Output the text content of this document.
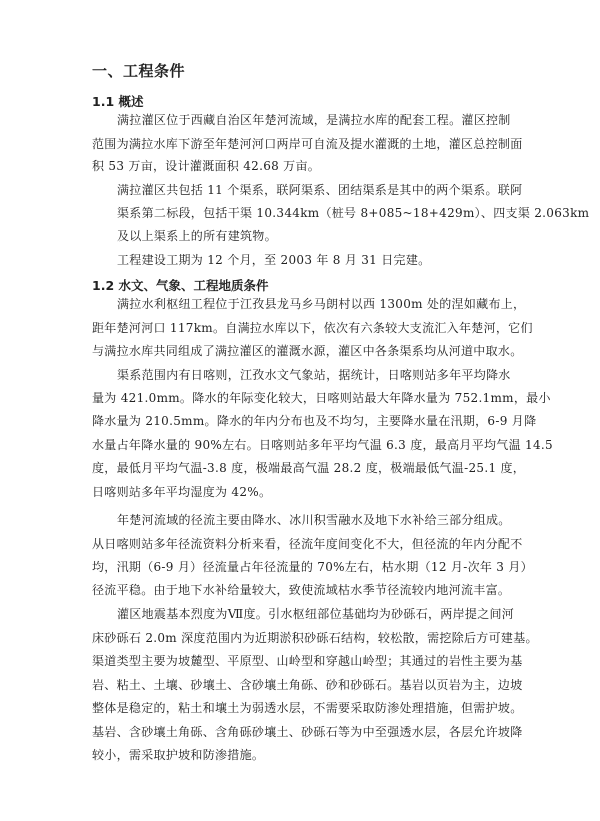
一、工程条件
1.1 概述
满拉灌区位于西藏自治区年楚河流域，是满拉水库的配套工程。灌区控制
范围为满拉水库下游至年楚河河口两岸可自流及提水灌溉的土地，灌区总控制面
积 53 万亩，设计灌溉面积 42.68 万亩。
满拉灌区共包括 11 个渠系，联阿渠系、团结渠系是其中的两个渠系。联阿
渠系第二标段，包括干渠 10.344km（桩号 8+085~18+429m）、四支渠 2.063km
及以上渠系上的所有建筑物。
工程建设工期为 12 个月，至 2003 年 8 月 31 日完建。
1.2 水文、气象、工程地质条件
满拉水利枢纽工程位于江孜县龙马乡马朗村以西 1300m 处的涅如藏布上，
距年楚河河口 117km。自满拉水库以下，依次有六条较大支流汇入年楚河，它们
与满拉水库共同组成了满拉灌区的灌溉水源，灌区中各条渠系均从河道中取水。
渠系范围内有日喀则，江孜水文气象站，据统计，日喀则站多年平均降水
量为 421.0mm。降水的年际变化较大，日喀则站最大年降水量为 752.1mm，最小
降水量为 210.5mm。降水的年内分布也及不均匀，主要降水量在汛期，6-9 月降
水量占年降水量的 90%左右。日喀则站多年平均气温 6.3 度，最高月平均气温 14.5
度，最低月平均气温-3.8 度，极端最高气温 28.2 度，极端最低气温-25.1 度，
日喀则站多年平均湿度为 42%。
年楚河流域的径流主要由降水、冰川积雪融水及地下水补给三部分组成。
从日喀则站多年径流资料分析来看，径流年度间变化不大，但径流的年内分配不
均，汛期（6-9 月）径流量占年径流量的 70%左右，枯水期（12 月-次年 3 月）
径流平稳。由于地下水补给量较大，致使流域枯水季节径流较内地河流丰富。
灌区地震基本烈度为Ⅶ度。引水枢纽部位基础均为砂砾石，两岸提之间河
床砂砾石 2.0m 深度范围内为近期淤积砂砾石结构，较松散，需挖除后方可建基。
渠道类型主要为坡麓型、平原型、山岭型和穿越山岭型；其通过的岩性主要为基
岩、粘土、土壤、砂壤土、含砂壤土角砾、砂和砂砾石。基岩以页岩为主，边坡
整体是稳定的，粘土和壤土为弱透水层，不需要采取防渗处理措施，但需护坡。
基岩、含砂壤土角砾、含角砾砂壤土、砂砾石等为中至强透水层，各层允许坡降
较小，需采取护坡和防渗措施。
